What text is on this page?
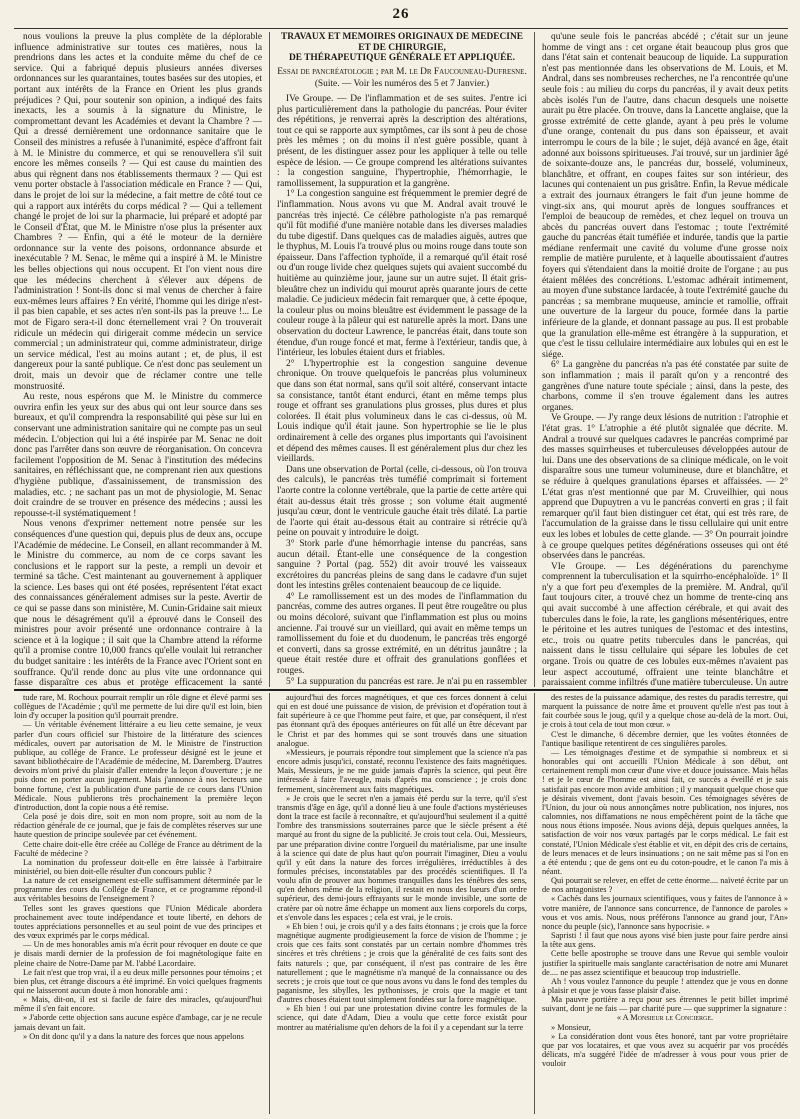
26

nous voulions la preuve la plus complète de la déplorable influence administrative sur toutes ces matières, nous la prendrions dans les actes et la conduite même du chef de ce service. Qui a fabriqué depuis plusieurs années diverses ordonnances sur les quarantaines, toutes basées sur des utopies, et portant aux intérêts de la France en Orient les plus grands préjudices ? Qui, pour soutenir son opinion, a indiqué des faits inexacts, les a soumis à la signature du Ministre, le compromettant devant les Académies et devant la Chambre ? — Qui a dressé dernièrement une ordonnance sanitaire que le Conseil des ministres a refusée à l'unanimité, espèce d'affront fait à M. le Ministre du commerce, et qui se renouvellera s'il suit encore les mêmes conseils ? — Qui est cause du maintien des abus qui règnent dans nos établissements thermaux ? — Qui est venu porter obstacle à l'association médicale en France ? — Qui, dans le projet de loi sur la médecine, a fait mettre de côté tout ce qui a rapport aux intérêts du corps médical ? — Qui a tellement changé le projet de loi sur la pharmacie, lui préparé et adopté par le Conseil d'État, que M. le Ministre n'ose plus la présenter aux Chambres ? — Enfin, qui a été le moteur de la dernière ordonnance sur la vente des poisons, ordonnance absurde et inexécutable ? M. Senac, le même qui a inspiré à M. le Ministre les belles objections qui nous occupent. Et l'on vient nous dire que les médecins cherchent à s'élever aux dépens de l'administration ! Sont-ils donc si mal venus de chercher à faire eux-mêmes leurs affaires ? En vérité, l'homme qui les dirige n'est-il pas bien capable, et ses actes n'en sont-ils pas la preuve !... Le mot de Figaro sera-t-il donc éternellement vrai ? On trouverait ridicule un médecin qui dirigerait comme médecin un service commercial ; un administrateur qui, comme administrateur, dirige un service médical, l'est au moins autant ; et, de plus, il est dangereux pour la santé publique. Ce n'est donc pas seulement un droit, mais un devoir que de réclamer contre une telle monstruosité.

Au reste, nous espérons que M. le Ministre du commerce ouvrira enfin les yeux sur des abus qui ont leur source dans ses bureaux, et qu'il comprendra la responsabilité qui pèse sur lui en conservant une administration sanitaire qui ne compte pas un seul médecin. L'objection qui lui a été inspirée par M. Senac ne doit donc pas l'arrêter dans son œuvre de réorganisation. On concevra facilement l'opposition de M. Senac à l'institution des médecins sanitaires, en réfléchissant que, ne comprenant rien aux questions d'hygiène publique, d'assainissement, de transmission des maladies, etc. ; ne sachant pas un mot de physiologie, M. Senac doit craindre de se trouver en présence des médecins ; aussi les repousse-t-il systématiquement !

Nous venons d'exprimer nettement notre pensée sur les conséquences d'une question qui, depuis plus de deux ans, occupe l'Académie de médecine. Le Conseil, en allant recommander à M. le Ministre du commerce, au nom de ce corps savant les conclusions et le rapport sur la peste, a rempli un devoir et terminé sa tâche. C'est maintenant au gouvernement à appliquer la science. Les bases qui ont été posées, représentent l'état exact des connaissances généralement admises sur la peste. Avertir de ce qui se passe dans son ministère, M. Cunin-Gridaine sait mieux que nous le désagrément qu'il a éprouvé dans le Conseil des ministres pour avoir présenté une ordonnance contraire à la science et à la logique ; il sait que la Chambre attend la réforme qu'il a promise contre 10,000 francs qu'elle voulait lui retrancher du budget sanitaire : les intérêts de la France avec l'Orient sont en souffrance. Qu'il rende donc au plus vite une ordonnance qui fasse disparaître ces abus et protège efficacement la santé

TRAVAUX ET MÉMOIRES ORIGINAUX DE MÉDECINE ET DE CHIRURGIE,

DE THÉRAPEUTIQUE GÉNÉRALE ET APPLIQUÉE.

Essai de pancréatologie ; par M. le Dr Faucouneau-Dufresne.

(Suite. — Voir les numéros des 5 et 7 Janvier.)

IVe Groupe. — De l'inflammation et de ses suites. J'entre ici plus particulièrement dans la pathologie du pancréas. Pour éviter des répétitions, je renverrai après la description des altérations, tout ce qui se rapporte aux symptômes, car ils sont à peu de chose près les mêmes ; on du moins il n'est guère possible, quant à présent, de les distinguer assez pour les appliquer à telle ou telle espèce de lésion. — Ce groupe comprend les altérations suivantes : la congestion sanguine, l'hypertrophie, l'hémorrhagie, le ramollissement, la suppuration et la gangrène.

1° La congestion sanguine est fréquemment le premier degré de l'inflammation. Nous avons vu que M. Andral avait trouvé le pancréas très injecté. Ce célèbre pathologiste n'a pas remarqué qu'il fût modifié d'une manière notable dans les diverses maladies du tube digestif. Dans quelques cas de maladies aiguës, autres que le thyphus, M. Louis l'a trouvé plus ou moins rouge dans toute son épaisseur. Dans l'affection typhoïde, il a remarqué qu'il était rosé ou d'un rouge livide chez quelques sujets qui avaient succombé du huitième au quinzième jour, jaune sur un autre sujet. Il était gris-bleuâtre chez un individu qui mourut après quarante jours de cette maladie. Ce judicieux médecin fait remarquer que, à cette époque, la couleur plus ou moins bleuâtre est évidemment le passage de la couleur rouge à la pâleur qui est naturelle après la mort. Dans une observation du docteur Lawrence, le pancréas était, dans toute son étendue, d'un rouge foncé et mat, ferme à l'extérieur, tandis que, à l'intérieur, les lobules étaient durs et friables.

2° L'hypertrophie est la congestion sanguine devenue chronique. On trouve quelquefois le pancréas plus volumineux que dans son état normal, sans qu'il soit altéré, conservant intacte sa consistance, tantôt étant endurci, étant en même temps plus rouge et offrant ses granulations plus grosses, plus dures et plus colorées. Il était plus volumineux dans le cas ci-dessus, où M. Louis indique qu'il était jaune. Son hypertrophie se lie le plus ordinairement à celle des organes plus importants qui l'avoisinent et dépend des mêmes causes. Il est généralement plus dur chez les vieillards.

Dans une observation de Portal (celle, ci-dessous, où l'on trouva des calculs), le pancréas très tuméfié comprimait si fortement l'aorte contre la colonne vertébrale, que la partie de cette artère qui était au-dessus était très grosse ; son volume était augmenté jusqu'au cœur, dont le ventricule gauche était très dilaté. La partie de l'aorte qui était au-dessous était au contraire si rétrécie qu'à peine on pouvait y introduire le doigt.

3° Stork parle d'une hémorrhagie intense du pancréas, sans aucun détail. Étant-elle une conséquence de la congestion sanguine ? Portal (pag. 552) dit avoir trouvé les vaisseaux excrétoires du pancréas pleins de sang dans le cadavre d'un sujet dont les intestins grêles contenaient beaucoup de ce liquide.

4° Le ramollissement est un des modes de l'inflammation du pancréas, comme des autres organes. Il peut être rougeâtre ou plus ou moins décoloré, suivant que l'inflammation est plus ou moins ancienne. J'ai trouvé sur un vieillard, qui avait en même temps un ramollissement du foie et du duodenum, le pancréas très engorgé et converti, dans sa grosse extrémité, en un détritus jaunâtre ; la queue était restée dure et offrait des granulations gonflées et rouges.

5° La suppuration du pancréas est rare. Je n'ai pu en rassembler

qu'une seule fois le pancréas abcédé ; c'était sur un jeune homme de vingt ans : cet organe était beaucoup plus gros que dans l'état sain et contenait beaucoup de liquide. La suppuration n'est pas mentionnée dans les observations de M. Louis, et M. Andral, dans ses nombreuses recherches, ne l'a rencontrée qu'une seule fois : au milieu du corps du pancréas, il y avait deux petits abcès isolés l'un de l'autre, dans chacun desquels une noisette aurait pu être placée. On trouve, dans la Lancette anglaise, que la grosse extrémité de cette glande, ayant à peu près le volume d'une orange, contenait du pus dans son épaisseur, et avait interrompu le cours de la bile ; le sujet, déjà avancé en âge, était adonné aux boissons spiritueuses. J'ai trouvé, sur un jardinier âgé de soixante-douze ans, le pancréas dur, bosselé, volumineux, blanchâtre, et offrant, en coupes faites sur son intérieur, des lacunes qui contenaient un pus grisâtre. Enfin, la Revue médicale a extrait des journaux étrangers le fait d'un jeune homme de vingt-six ans, qui mourut après de longues souffrances et l'emploi de beaucoup de remèdes, et chez lequel on trouva un abcès du pancréas ouvert dans l'estomac ; toute l'extrémité gauche du pancréas était tuméfiée et indurée, tandis que la partie médiane renfermait une cavité du volume d'une grosse noix remplie de matière purulente, et à laquelle aboutissaient d'autres foyers qui s'étendaient dans la moitié droite de l'organe ; au pus étaient mêlées des concrétions. L'estomac adhérait intimement, au moyen d'une substance lardacée, à toute l'extrémité gauche du pancréas ; sa membrane muqueuse, amincie et ramollie, offrait une ouverture de la largeur du pouce, formée dans la partie inférieure de la glande, et donnant passage au pus. Il est probable que la granulation elle-même est étrangère à la suppuration, et que c'est le tissu cellulaire intermédiaire aux lobules qui en est le siége.

6° La gangrène du pancréas n'a pas été constatée par suite de son inflammation ; mais il paraît qu'on y a rencontré des gangrènes d'une nature toute spéciale ; ainsi, dans la peste, des charbons, comme il s'en trouve également dans les autres organes.

Ve Groupe. — J'y range deux lésions de nutrition : l'atrophie et l'état gras. 1° L'atrophie a été plutôt signalée que décrite. M. Andral a trouvé sur quelques cadavres le pancréas comprimé par des masses squirrheuses et tuberculeuses développées autour de lui. Dans une des observations de sa clinique médicale, on le voit disparaître sous une tumeur volumineuse, dure et blanchâtre, et se réduire à quelques granulations éparses et affaissées. — 2° L'état gras n'est mentionné que par M. Cruveilhier, qui nous apprend que Dupuytren a vu le pancréas converti en gras ; il fait remarquer qu'il faut bien distinguer cet état, qui est très rare, de l'accumulation de la graisse dans le tissu cellulaire qui unit entre eux les lobes et lobules de cette glande. — 3° On pourrait joindre à ce groupe quelques petites dégénérations osseuses qui ont été observées dans le pancréas.

VIe Groupe. — Les dégénérations du parenchyme comprennent la tuberculisation et la squirrho-encéphaloïde. 1° Il n'y a que fort peu d'exemples de la première. M. Andral, qu'il faut toujours citer, a trouvé chez un homme de trente-cinq ans qui avait succombé à une affection cérébrale, et qui avait des tubercules dans le foie, la rate, les ganglions mésentériques, entre le péritoine et les autres tuniques de l'estomac et des intestins, etc., trois ou quatre petits tubercules dans le pancréas, qui naissent dans le tissu cellulaire qui sépare les lobules de cet organe. Trois ou quatre de ces lobules eux-mêmes n'avaient pas leur aspect accoutumé, offraient une teinte blanchâtre et paraissaient comme infiltrés d'une matière tuberculeuse. Un autre

tude rare, M. Rochoux pourrait remplir un rôle digne et élevé parmi ses collègues de l'Académie ; qu'il me permette de lui dire qu'il est loin, bien loin d'y occuper la position qu'il pourrait prendre.

— Un véritable événement littéraire a eu lieu cette semaine, je veux parler d'un cours officiel sur l'histoire de la littérature des sciences médicales, ouvert par autorisation de M. le Ministre de l'instruction publique, au collége de France. Le professeur désigné est le jeune et savant bibliothécaire de l'Académie de médecine, M. Daremberg. D'autres devoirs m'ont privé du plaisir d'aller entendre la leçon d'ouverture ; je ne puis donc en porter aucun jugement. Mais j'annonce à nos lecteurs une bonne fortune, c'est la publication d'une partie de ce cours dans l'Union Médicale. Nous publierons très prochainement la première leçon d'introduction, dont la copie nous a été remise.

Cela posé je dois dire, soit en mon nom propre, soit au nom de la rédaction générale de ce journal, que je fais de complètes réserves sur une haute question de principe soulevée par cet événement.

Cette chaire doit-elle être créée au Collége de France au détriment de la Faculté de médecine ?

La nomination du professeur doit-elle en être laissée à l'arbitraire ministériel, ou bien doit-elle résulter d'un concours public ?

La nature de cet enseignement est-elle suffisamment déterminée par le programme des cours du Collége de France, et ce programme répond-il aux véritables besoins de l'enseignement ?

Telles sont les graves questions que l'Union Médicale abordera prochainement avec toute indépendance et toute liberté, en dehors de toutes appréciations personnelles et au seul point de vue des principes et des vœux exprimés par le corps médical.

— Un de mes honorables amis m'a écrit pour révoquer en doute ce que je disais mardi dernier de la profession de foi magnétologique faite en pleine chaire de Notre-Dame par M. l'abbé Lacordaire.

Le fait n'est que trop vrai, il a eu deux mille personnes pour témoins ; et bien plus, cet étrange discours a été imprimé. En voici quelques fragments qui ne laisseront aucun doute à mon honorable ami :

« Mais, dit-on, il est si facile de faire des miracles, qu'aujourd'hui même il s'en fait encore.

» J'aborde cette objection sans aucune espèce d'ambage, car je ne recule jamais devant un fait.

» On dit donc qu'il y a dans la nature des forces que nous appelons

aujourd'hui des forces magnétiques, et que ces forces donnent à celui qui en est doué une puissance de vision, de prévision et d'opération tout à fait supérieure à ce que l'homme peut faire, et que, par conséquent, il n'est pas étonnant qu'à des époques antérieures on fût allé un être décevant par le Christ et par des hommes qui se sont trouvés dans une situation analogue.

»Messieurs, je pourrais répondre tout simplement que la science n'a pas encore admis jusqu'ici, constaté, reconnu l'existence des faits magnétiques. Mais, Messieurs, je ne me guide jamais d'après la science, qui peut être intéressée à faire l'aveugle, mais d'après ma conscience ; je crois donc fermement, sincèrement aux faits magnétiques.

» Je crois que le secret n'en a jamais été perdu sur la terre, qu'il s'est transmis d'âge en âge, qu'il a donné lieu à une foule d'actions mystérieuses dont la trace est facile à reconnaître, et qu'aujourd'hui seulement il a quitté l'ombre des transmissions souterraines parce que le siècle présent a été marqué au front du signe de la publicité. Je crois tout cela. Oui, Messieurs, par une préparation divine contre l'orgueil du matérialisme, par une insulte à la science qui date de plus haut qu'on pourrait l'imaginer, Dieu a voulu qu'il y eût dans la nature des forces irrégulières, irréductibles à des formules précises, inconstatables par des procédés scientifiques. Il l'a voulu afin de prouver aux hommes tranquilles dans les ténèbres des sens, qu'en dehors même de la religion, il restait en nous des lueurs d'un ordre supérieur, des demi-jours effrayants sur le monde invisible, une sorte de cratère par où notre âme échappe un moment aux liens corporels du corps, et s'envole dans les espaces ; cela est vrai, je le crois.

» Eh bien ! oui, je crois qu'il y a des faits étonnans ; je crois que la force magnétique augmente prodigieusement la force de vision de l'homme ; je crois que ces faits sont constatés par un certain nombre d'hommes très sincères et très chrétiens ; je crois que la généralité de ces faits sont des faits naturels ; que, par conséquent, il n'est pas contraire de les être naturellement ; que le magnétisme n'a manqué de la connaissance ou des secrets ; je crois que tout ce que nous avons vu dans le fond des temples du paganisme, les sibylles, les pythonisses, je crois que la magie et tant d'autres choses étaient tout simplement fondées sur la force magnétique.

» Eh bien ! oui par une protestation divine contre les formules de la science, qui date d'Adam, Dieu a voulu que cette force existât pour montrer au matérialisme qu'en dehors de la foi il y a cependant sur la terre

des restes de la puissance adamique, des restes du paradis terrestre, qui marquent la puissance de notre âme et prouvent qu'elle n'est pas tout à fait courbée sous le joug, qu'il y a quelque chose au-delà de la mort. Oui, je crois à tout cela de tout mon cœur. »

C'est le dimanche, 6 décembre dernier, que les voûtes étonnées de l'antique basilique retentirent de ces singulières paroles.

— Les témoignages d'estime et de sympathie si nombreux et si honorables qui ont accueilli l'Union Médicale à son début, ont certainement rempli mon cœur d'une vive et douce jouissance. Mais hélas ! et je le cœur de l'homme est ainsi fait, ce succès a éveillé et je sais satisfait pas encore mon avide ambition ; il y manquait quelque chose que je désirais vivement, dont j'avais besoin. Ces témoignages sévères de l'Union, du jour où nous annonçâmes notre publication, nos injures, nos calomnies, nos diffamations ne nous empêchèrent point de la tâche que nous nous étions imposée. Nous avions déjà, depuis quelques années, la satisfaction de voir nos vœux partagés par le corps médical. Le fait est constaté, l'Union Médicale s'est établie et vit, en dépit des cris de certains, de leurs menaces et de leurs insinuations ; on ne sait même pas si l'on en a été entendu ; que de gens ont eu du coton-poudre, et le canon l'a mis à néant.

Qui pourrait se relever, en effet de cette énorme.... naïveté écrite par un de nos antagonistes ?

« Cachés dans les journaux scientifiques, vous y faites de l'annonce à » votre manière, de l'annonce sans concurrence, de l'annonce de paroles » vous et vos amis. Nous, nous préférons l'annonce au grand jour, l'An» nonce du peuple (sic), l'annonce sans hypocrisie. »

Sapristi ! il faut que nous ayons visé bien juste pour faire perdre ainsi la tête aux gens.

Cette belle apostrophe se trouve dans une Revue qui semble vouloir justifier la spirituelle mais sanglante caractérisation de notre ami Munaret de.... ne pas assez scientifique et beaucoup trop industrielle.

Ah ! vous voulez l'annonce du peuple ! attendez que je vous en donne à plaisir et que je vous fasse plaisir d'aise.

Ma pauvre portière a reçu pour ses étrennes le petit billet imprimé suivant, dont je ne fais — par charité pure — que supprimer la signature :

« A Monsieur le Concierge.

» Monsieur,

» La considération dont vous êtes honoré, tant par votre propriétaire que par vos locataires, et que vous avez su acquérir par vos procédés délicats, m'a suggéré l'idée de m'adresser à vous pour vous prier de vouloir
